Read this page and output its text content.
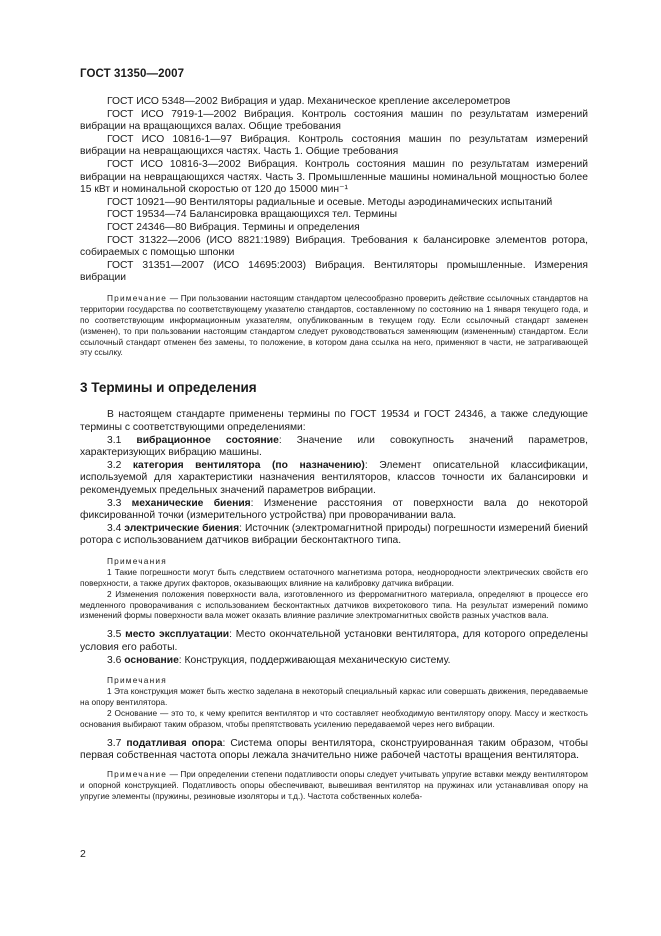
ГОСТ 31350—2007

ГОСТ ИСО 5348—2002 Вибрация и удар. Механическое крепление акселерометров

ГОСТ ИСО 7919-1—2002 Вибрация. Контроль состояния машин по результатам измерений вибрации на вращающихся валах. Общие требования

ГОСТ ИСО 10816-1—97 Вибрация. Контроль состояния машин по результатам измерений вибрации на невращающихся частях. Часть 1. Общие требования

ГОСТ ИСО 10816-3—2002 Вибрация. Контроль состояния машин по результатам измерений вибрации на невращающихся частях. Часть 3. Промышленные машины номинальной мощностью более 15 кВт и номинальной скоростью от 120 до 15000 мин⁻¹

ГОСТ 10921—90 Вентиляторы радиальные и осевые. Методы аэродинамических испытаний

ГОСТ 19534—74 Балансировка вращающихся тел. Термины

ГОСТ 24346—80 Вибрация. Термины и определения

ГОСТ 31322—2006 (ИСО 8821:1989) Вибрация. Требования к балансировке элементов ротора, собираемых с помощью шпонки

ГОСТ 31351—2007 (ИСО 14695:2003) Вибрация. Вентиляторы промышленные. Измерения вибрации

Примечание — При пользовании настоящим стандартом целесообразно проверить действие ссылочных стандартов на территории государства по соответствующему указателю стандартов, составленному по состоянию на 1 января текущего года, и по соответствующим информационным указателям, опубликованным в текущем году. Если ссылочный стандарт заменен (изменен), то при пользовании настоящим стандартом следует руководствоваться заменяющим (измененным) стандартом. Если ссылочный стандарт отменен без замены, то положение, в котором дана ссылка на него, применяют в части, не затрагивающей эту ссылку.

3 Термины и определения

В настоящем стандарте применены термины по ГОСТ 19534 и ГОСТ 24346, а также следующие термины с соответствующими определениями:

3.1 вибрационное состояние: Значение или совокупность значений параметров, характеризующих вибрацию машины.

3.2 категория вентилятора (по назначению): Элемент описательной классификации, используемой для характеристики назначения вентиляторов, классов точности их балансировки и рекомендуемых предельных значений параметров вибрации.

3.3 механические биения: Изменение расстояния от поверхности вала до некоторой фиксированной точки (измерительного устройства) при проворачивании вала.

3.4 электрические биения: Источник (электромагнитной природы) погрешности измерений биений ротора с использованием датчиков вибрации бесконтактного типа.

Примечания

1 Такие погрешности могут быть следствием остаточного магнетизма ротора, неоднородности электрических свойств его поверхности, а также других факторов, оказывающих влияние на калибровку датчика вибрации.

2 Изменения положения поверхности вала, изготовленного из ферромагнитного материала, определяют в процессе его медленного проворачивания с использованием бесконтактных датчиков вихретокового типа. На результат измерений помимо изменений формы поверхности вала может оказать влияние различие электромагнитных свойств разных участков вала.

3.5 место эксплуатации: Место окончательной установки вентилятора, для которого определены условия его работы.

3.6 основание: Конструкция, поддерживающая механическую систему.

Примечания

1 Эта конструкция может быть жестко заделана в некоторый специальный каркас или совершать движения, передаваемые на опору вентилятора.

2 Основание — это то, к чему крепится вентилятор и что составляет необходимую вентилятору опору. Массу и жесткость основания выбирают таким образом, чтобы препятствовать усилению передаваемой через него вибрации.

3.7 податливая опора: Система опоры вентилятора, сконструированная таким образом, чтобы первая собственная частота опоры лежала значительно ниже рабочей частоты вращения вентилятора.

Примечание — При определении степени податливости опоры следует учитывать упругие вставки между вентилятором и опорной конструкцией. Податливость опоры обеспечивают, вывешивая вентилятор на пружинах или устанавливая опору на упругие элементы (пружины, резиновые изоляторы и т.д.). Частота собственных колеба-

2
